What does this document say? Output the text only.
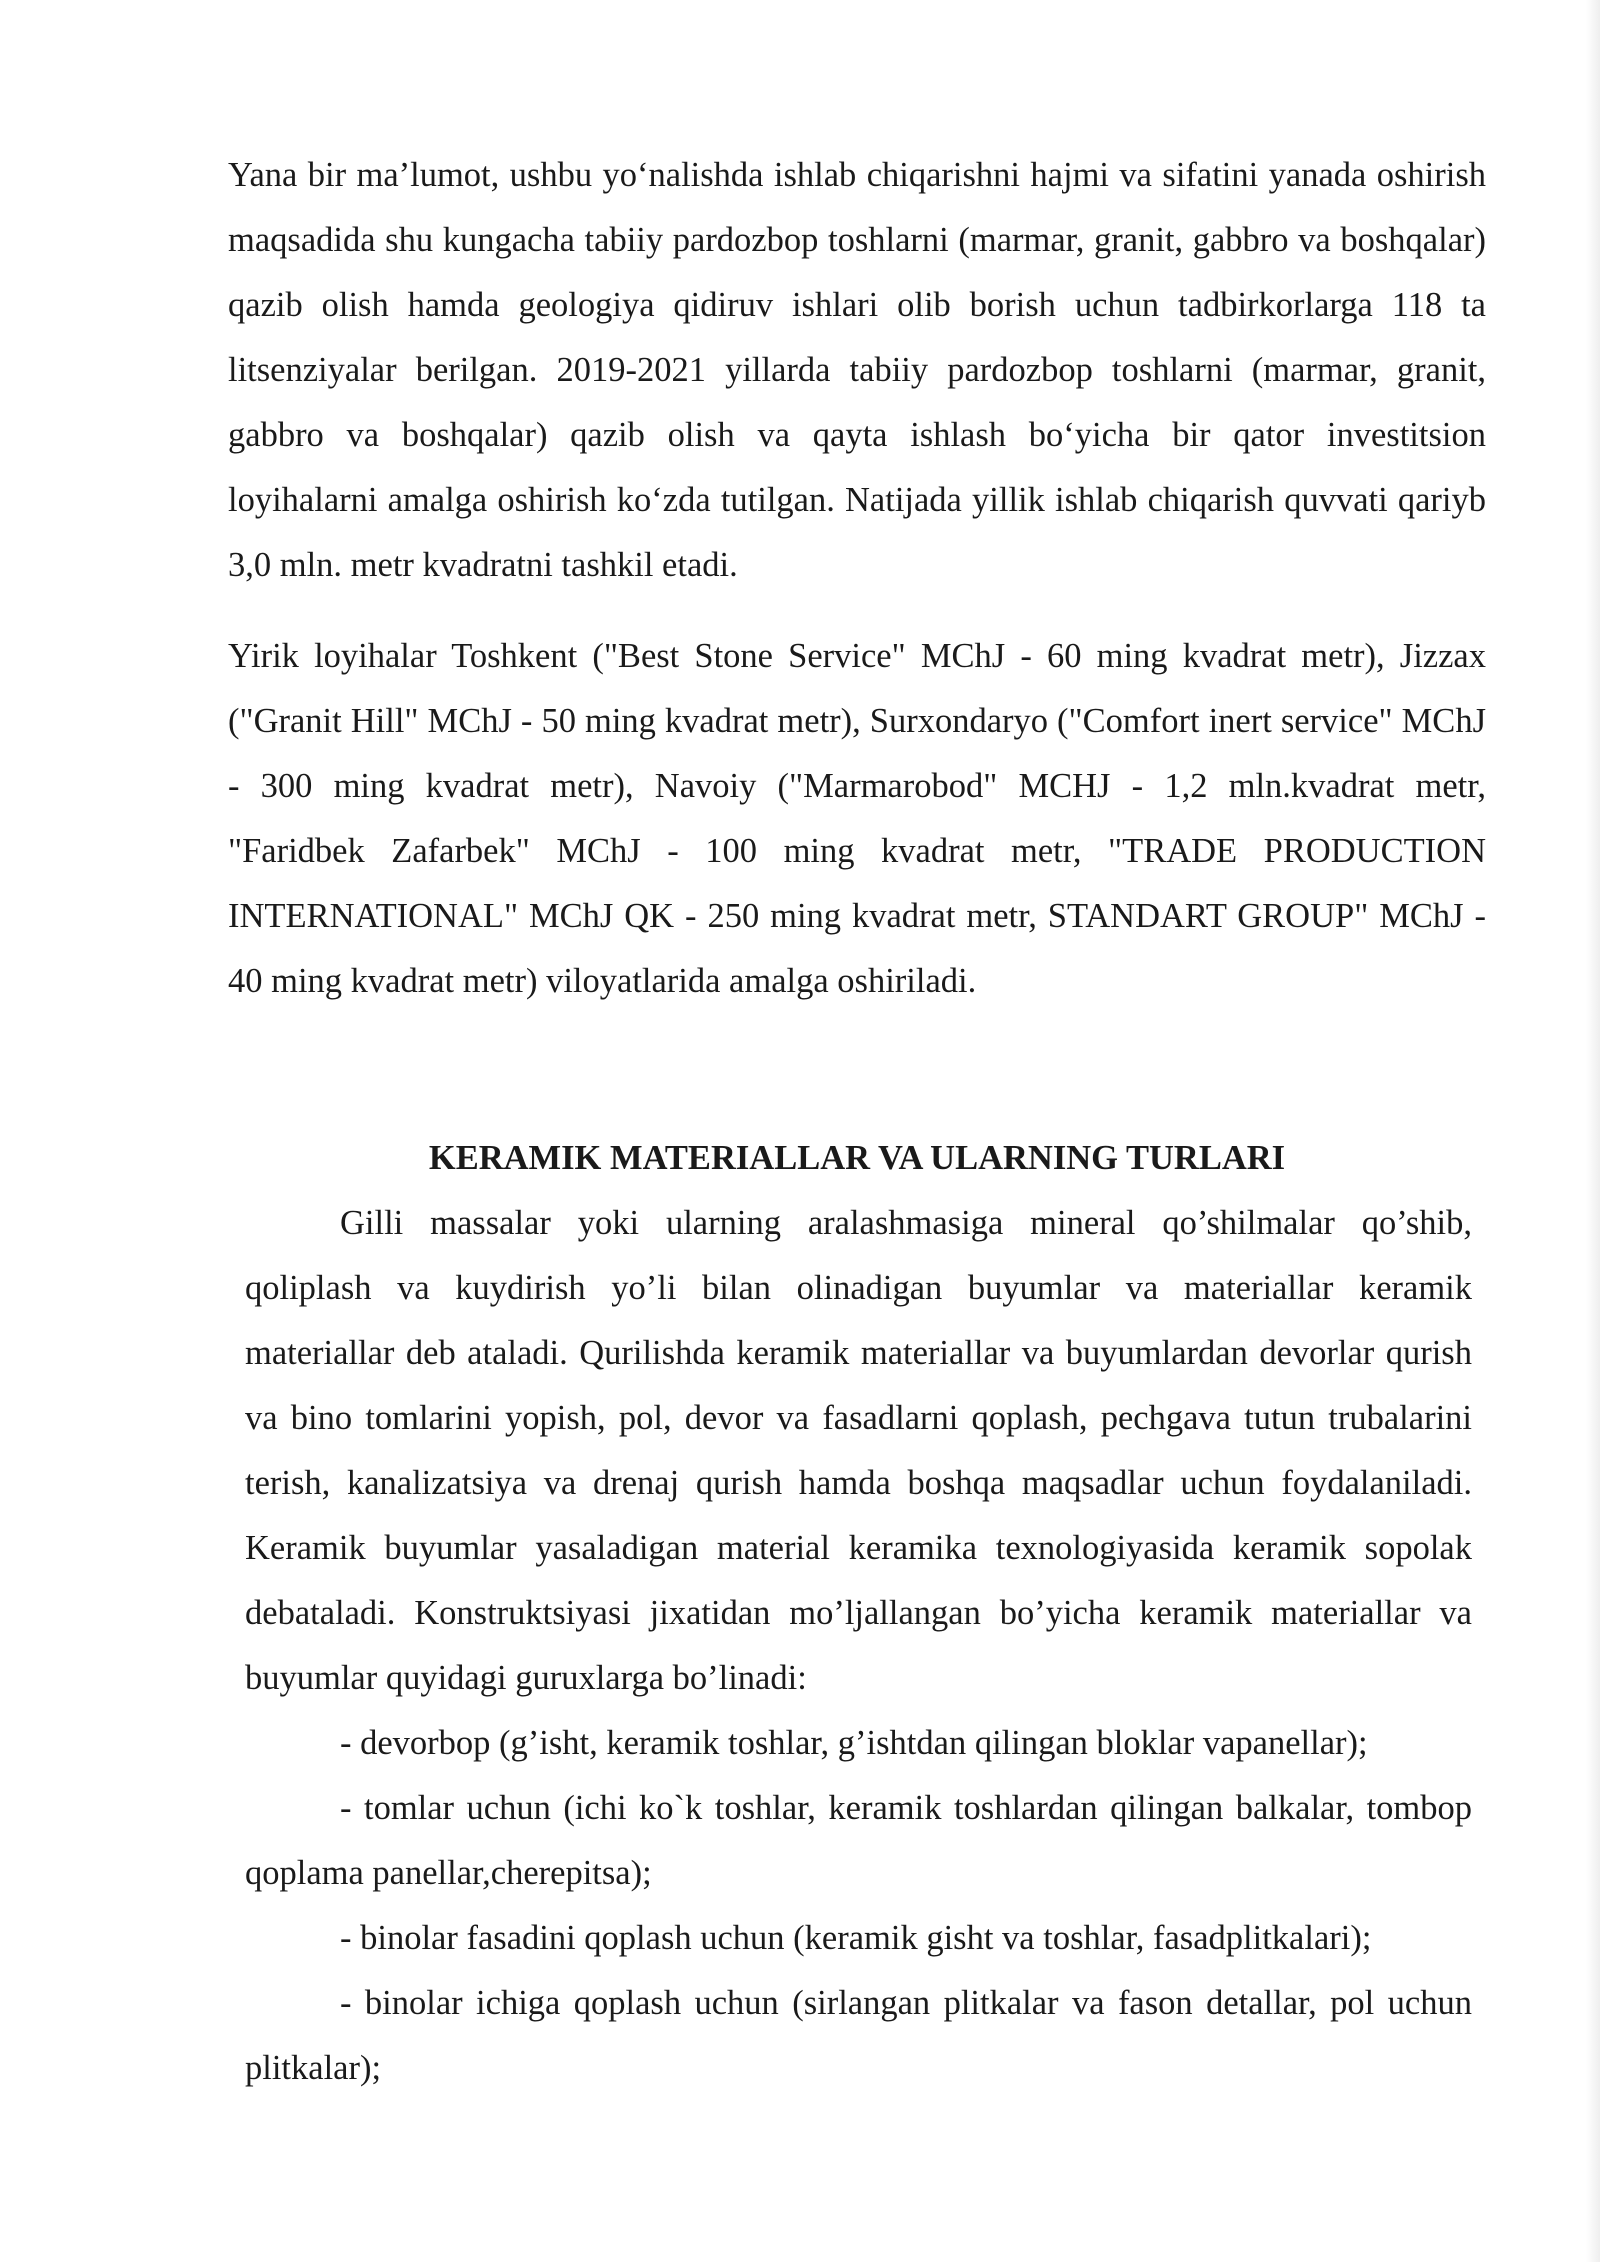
Yana bir ma’lumot, ushbu yo‘nalishda ishlab chiqarishni hajmi va sifatini yanada oshirish maqsadida shu kungacha tabiiy pardozbop toshlarni (marmar, granit, gabbro va boshqalar) qazib olish hamda geologiya qidiruv ishlari olib borish uchun tadbirkorlarga 118 ta litsenziyalar berilgan. 2019-2021 yillarda tabiiy pardozbop toshlarni (marmar, granit, gabbro va boshqalar) qazib olish va qayta ishlash bo‘yicha bir qator investitsion loyihalarni amalga oshirish ko‘zda tutilgan. Natijada yillik ishlab chiqarish quvvati qariyb 3,0 mln. metr kvadratni tashkil etadi.

Yirik loyihalar Toshkent ("Best Stone Service" MChJ - 60 ming kvadrat metr), Jizzax ("Granit Hill" MChJ - 50 ming kvadrat metr), Surxondaryo ("Comfort inert service" MChJ - 300 ming kvadrat metr), Navoiy ("Marmarobod" MCHJ - 1,2 mln.kvadrat metr, "Faridbek Zafarbek" MChJ - 100 ming kvadrat metr, "TRADE PRODUCTION INTERNATIONAL" MChJ QK - 250 ming kvadrat metr, STANDART GROUP" MChJ - 40 ming kvadrat metr) viloyatlarida amalga oshiriladi.

KERAMIK MATERIALLAR VA ULARNING TURLARI

Gilli massalar yoki ularning aralashmasiga mineral qo’shilmalar qo’shib, qoliplash va kuydirish yo’li bilan olinadigan buyumlar va materiallar keramik materiallar deb ataladi. Qurilishda keramik materiallar va buyumlardan devorlar qurish va bino tomlarini yopish, pol, devor va fasadlarni qoplash, pechgava tutun trubalarini terish, kanalizatsiya va drenaj qurish hamda boshqa maqsadlar uchun foydalaniladi. Keramik buyumlar yasaladigan material keramika texnologiyasida keramik sopolak debataladi. Konstruktsiyasi jixatidan mo’ljallangan bo’yicha keramik materiallar va buyumlar quyidagi guruxlarga bo’linadi:

- devorbop (g’isht, keramik toshlar, g’ishtdan qilingan bloklar vapanellar);

- tomlar uchun (ichi ko`k toshlar, keramik toshlardan qilingan balkalar, tombop qoplama panellar,cherepitsa);

- binolar fasadini qoplash uchun (keramik gisht va toshlar, fasadplitkalari);

- binolar ichiga qoplash uchun (sirlangan plitkalar va fason detallar, pol uchun plitkalar);
